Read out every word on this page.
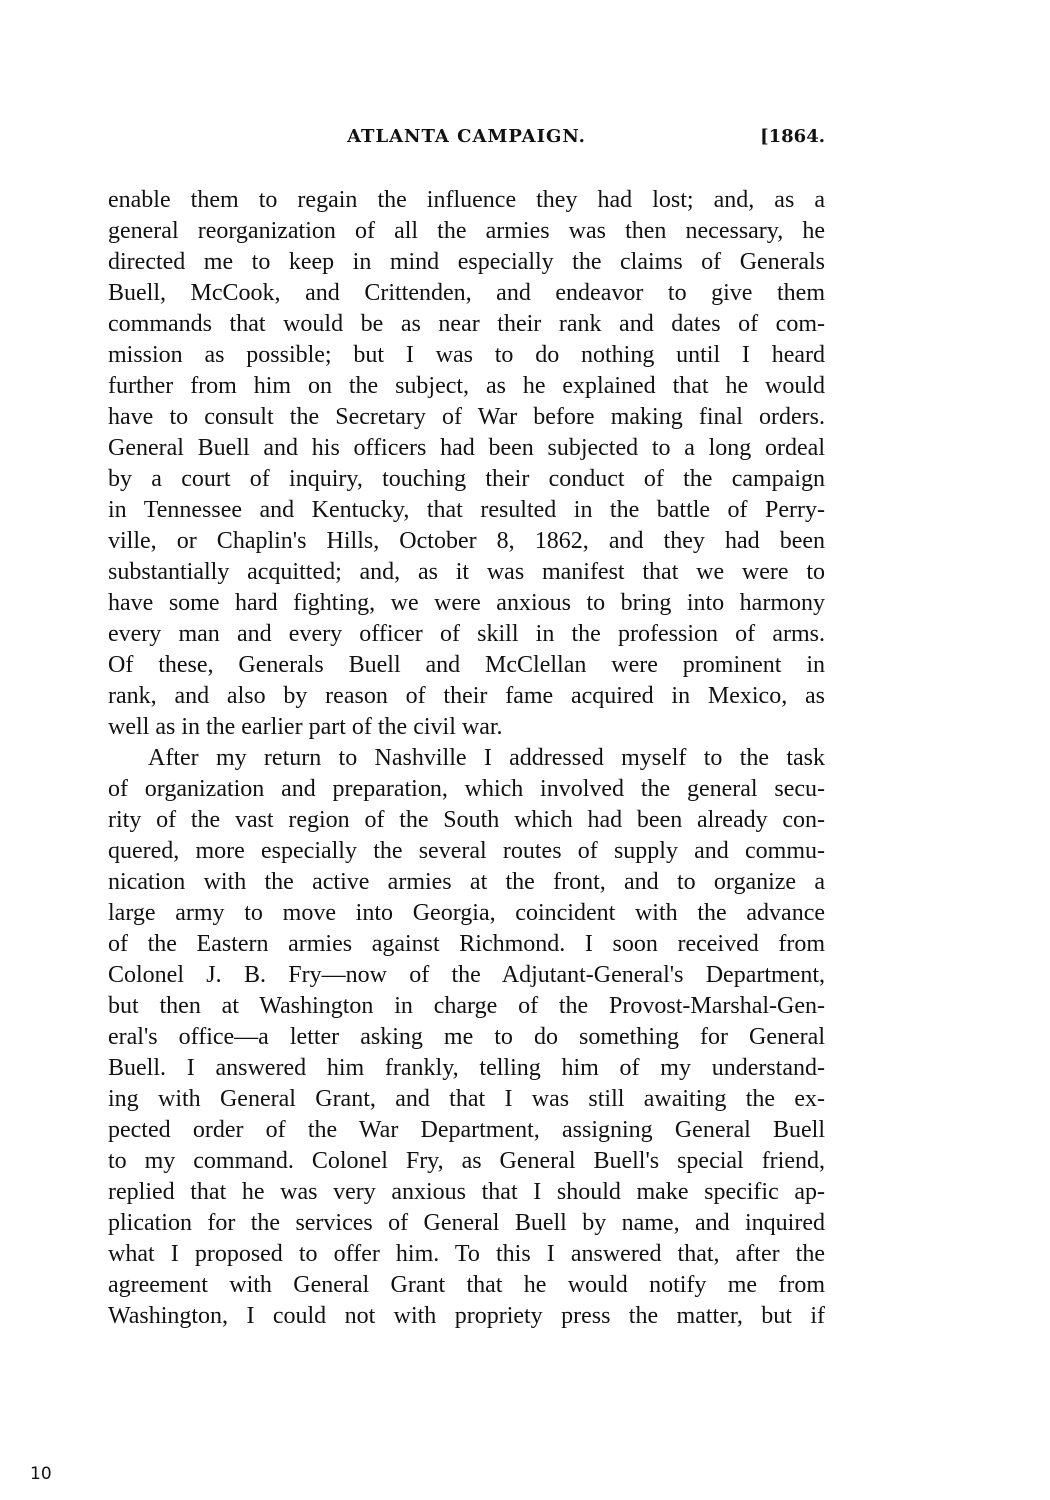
ATLANTA CAMPAIGN.	[1864.
enable them to regain the influence they had lost; and, as a
general reorganization of all the armies was then necessary, he
directed me to keep in mind especially the claims of Generals
Buell, McCook, and Crittenden, and endeavor to give them
commands that would be as near their rank and dates of com-
mission as possible; but I was to do nothing until I heard
further from him on the subject, as he explained that he would
have to consult the Secretary of War before making final orders.
General Buell and his officers had been subjected to a long ordeal
by a court of inquiry, touching their conduct of the campaign
in Tennessee and Kentucky, that resulted in the battle of Perry-
ville, or Chaplin's Hills, October 8, 1862, and they had been
substantially acquitted; and, as it was manifest that we were to
have some hard fighting, we were anxious to bring into harmony
every man and every officer of skill in the profession of arms.
Of these, Generals Buell and McClellan were prominent in
rank, and also by reason of their fame acquired in Mexico, as
well as in the earlier part of the civil war.
After my return to Nashville I addressed myself to the task
of organization and preparation, which involved the general secu-
rity of the vast region of the South which had been already con-
quered, more especially the several routes of supply and commu-
nication with the active armies at the front, and to organize a
large army to move into Georgia, coincident with the advance
of the Eastern armies against Richmond. I soon received from
Colonel J. B. Fry—now of the Adjutant-General's Department,
but then at Washington in charge of the Provost-Marshal-Gen-
eral's office—a letter asking me to do something for General
Buell. I answered him frankly, telling him of my understand-
ing with General Grant, and that I was still awaiting the ex-
pected order of the War Department, assigning General Buell
to my command. Colonel Fry, as General Buell's special friend,
replied that he was very anxious that I should make specific ap-
plication for the services of General Buell by name, and inquired
what I proposed to offer him. To this I answered that, after the
agreement with General Grant that he would notify me from
Washington, I could not with propriety press the matter, but if
10
